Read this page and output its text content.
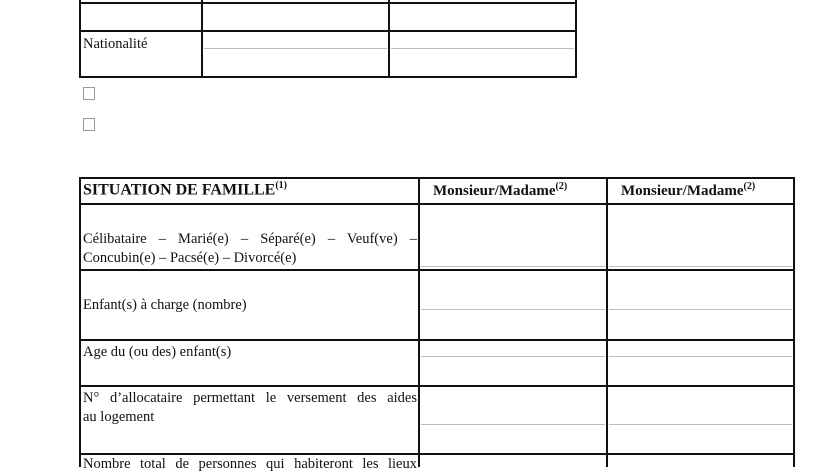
Nationalité
SITUATION DE FAMILLE$^{(1)}$	Monsieur/Madame$^{(2)}$	Monsieur/Madame$^{(2)}$
Célibataire – Marié(e) – Séparé(e) – Veuf(ve) –
Concubin(e) – Pacsé(e) – Divorcé(e)
Enfant(s) à charge (nombre)
Age du (ou des) enfant(s)
N° d’allocataire permettant le versement des aides
au logement
Nombre total de personnes qui habiteront les lieux
